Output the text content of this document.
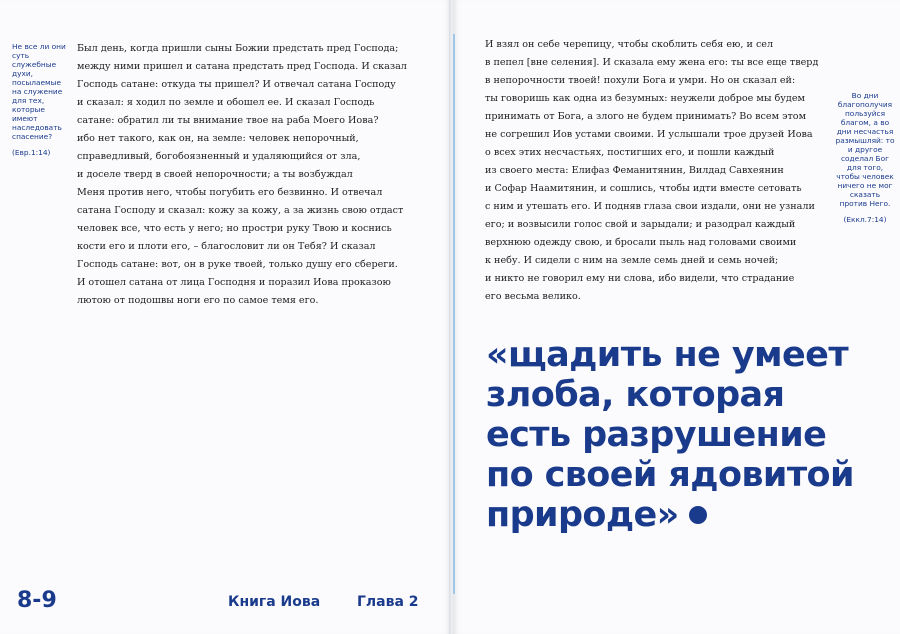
Не все ли они суть служебные духи, посылаемые на служение для тех, которые имеют наследовать спасение?
(Евр.1:14)
Был день, когда пришли сыны Божии предстать пред Господа;
между ними пришел и сатана предстать пред Господа. И сказал
Господь сатане: откуда ты пришел? И отвечал сатана Господу
и сказал: я ходил по земле и обошел ее. И сказал Господь
сатане: обратил ли ты внимание твое на раба Моего Иова?
ибо нет такого, как он, на земле: человек непорочный,
справедливый, богобоязненный и удаляющийся от зла,
и доселе тверд в своей непорочности; а ты возбуждал
Меня против него, чтобы погубить его безвинно. И отвечал
сатана Господу и сказал: кожу за кожу, а за жизнь свою отдаст
человек все, что есть у него; но простри руку Твою и коснись
кости его и плоти его, – благословит ли он Тебя? И сказал
Господь сатане: вот, он в руке твоей, только душу его сбереги.
И отошел сатана от лица Господня и поразил Иова проказою
лютою от подошвы ноги его по самое темя его.
8-9	Книга Иова	Глава 2
И взял он себе черепицу, чтобы скоблить себя ею, и сел
в пепел [вне селения]. И сказала ему жена его: ты все еще тверд
в непорочности твоей! похули Бога и умри. Но он сказал ей:
ты говоришь как одна из безумных: неужели доброе мы будем
принимать от Бога, а злого не будем принимать? Во всем этом
не согрешил Иов устами своими. И услышали трое друзей Иова
о всех этих несчастьях, постигших его, и пошли каждый
из своего места: Елифаз Феманитянин, Вилдад Савхеянин
и Софар Наамитянин, и сошлись, чтобы идти вместе сетовать
с ним и утешать его. И подняв глаза свои издали, они не узнали
его; и возвысили голос свой и зарыдали; и разодрал каждый
верхнюю одежду свою, и бросали пыль над головами своими
к небу. И сидели с ним на земле семь дней и семь ночей;
и никто не говорил ему ни слова, ибо видели, что страдание
его весьма велико.
Во дни благополучия пользуйся благом, а во дни несчастья размышляй: то и другое соделал Бог для того, чтобы человек ничего не мог сказать против Него.
(Еккл.7:14)

«щадить не умеет
злоба, которая
есть разрушение
по своей ядовитой
природе»
